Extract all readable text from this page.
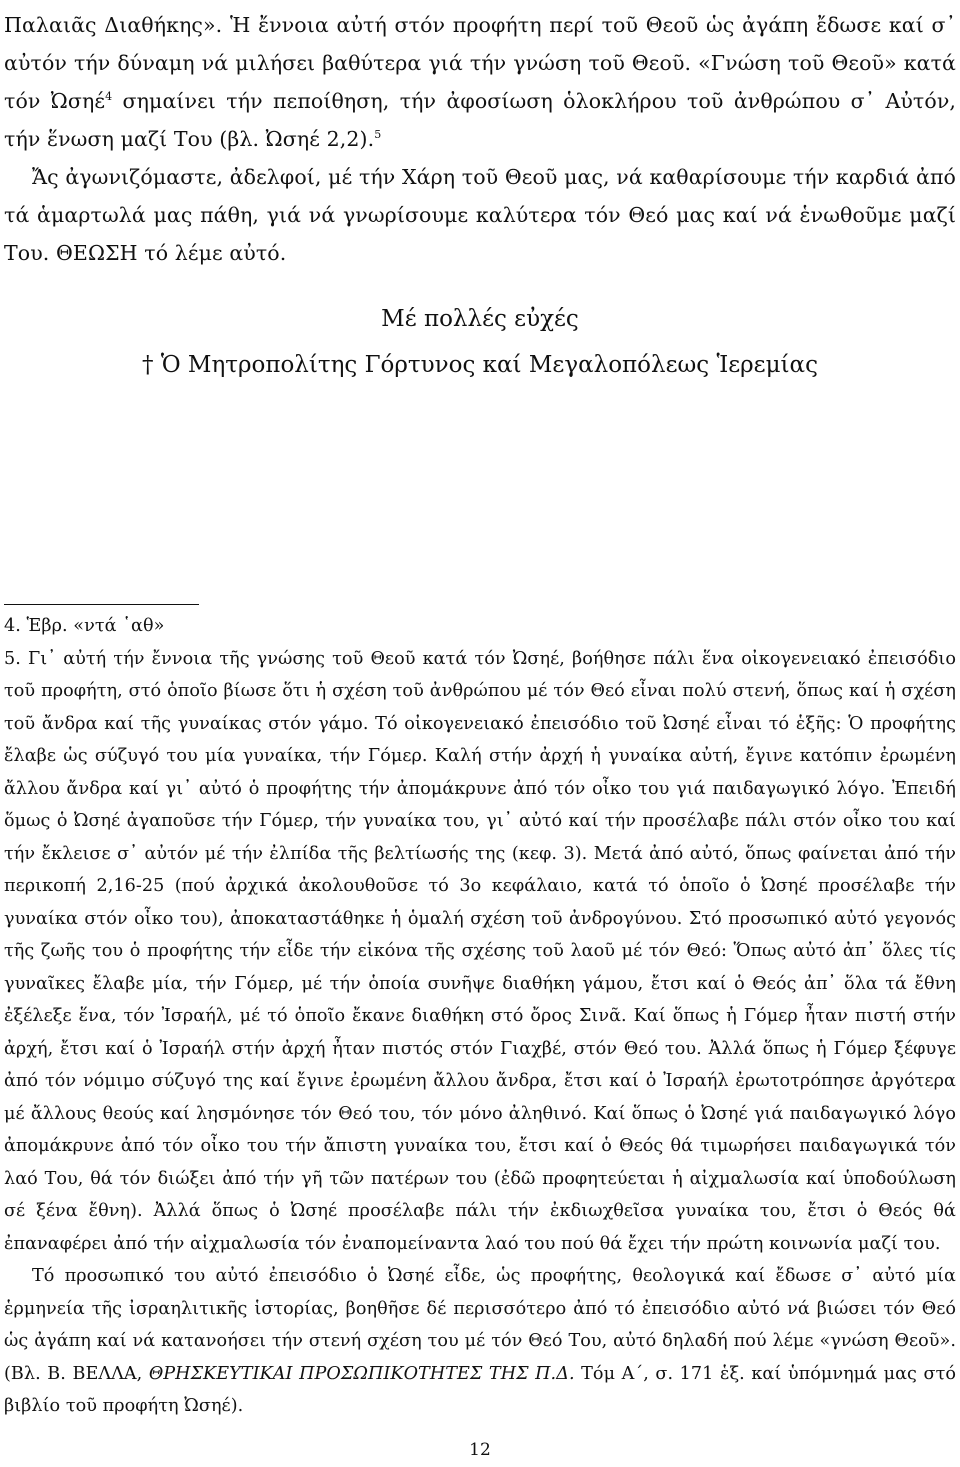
Παλαιᾶς Διαθήκης». Ἡ ἔννοια αὐτή στόν προφήτη περί τοῦ Θεοῦ ὡς ἀγάπη ἔδωσε καί σ᾿ αὐτόν τήν δύναμη νά μιλήσει βαθύτερα γιά τήν γνώση τοῦ Θεοῦ. «Γνώση τοῦ Θεοῦ» κατά τόν Ὠσηέ$^4$ σημαίνει τήν πεποίθηση, τήν ἀφοσίωση ὁλοκλήρου τοῦ ἀνθρώπου σ᾿ Αὐτόν, τήν ἕνωση μαζί Του (βλ. Ὠσηέ 2,2).$^5$

Ἄς ἀγωνιζόμαστε, ἀδελφοί, μέ τήν Χάρη τοῦ Θεοῦ μας, νά καθαρίσουμε τήν καρδιά ἀπό τά ἁμαρτωλά μας πάθη, γιά νά γνωρίσουμε καλύτερα τόν Θεό μας καί νά ἑνωθοῦμε μαζί Του. ΘΕΩΣΗ τό λέμε αὐτό.

Μέ πολλές εὐχές
† Ὁ Μητροπολίτης Γόρτυνος καί Μεγαλοπόλεως Ἱερεμίας

4. Ἑβρ. «ντά ῾αθ»

5. Γι᾿ αὐτή τήν ἔννοια τῆς γνώσης τοῦ Θεοῦ κατά τόν Ὠσηέ, βοήθησε πάλι ἕνα οἰκογενειακό ἐπεισόδιο τοῦ προφήτη, στό ὁποῖο βίωσε ὅτι ἡ σχέση τοῦ ἀνθρώπου μέ τόν Θεό εἶναι πολύ στενή, ὅπως καί ἡ σχέση τοῦ ἄνδρα καί τῆς γυναίκας στόν γάμο. Τό οἰκογενειακό ἐπεισόδιο τοῦ Ὠσηέ εἶναι τό ἑξῆς: Ὁ προφήτης ἔλαβε ὡς σύζυγό του μία γυναίκα, τήν Γόμερ. Καλή στήν ἀρχή ἡ γυναίκα αὐτή, ἔγινε κατόπιν ἐρωμένη ἄλλου ἄνδρα καί γι᾿ αὐτό ὁ προφήτης τήν ἀπομάκρυνε ἀπό τόν οἶκο του γιά παιδαγωγικό λόγο. Ἐπειδή ὅμως ὁ Ὠσηέ ἀγαποῦσε τήν Γόμερ, τήν γυναίκα του, γι᾿ αὐτό καί τήν προσέλαβε πάλι στόν οἶκο του καί τήν ἔκλεισε σ᾿ αὐτόν μέ τήν ἐλπίδα τῆς βελτίωσής της (κεφ. 3). Μετά ἀπό αὐτό, ὅπως φαίνεται ἀπό τήν περικοπή 2,16-25 (πού ἀρχικά ἀκολουθοῦσε τό 3ο κεφάλαιο, κατά τό ὁποῖο ὁ Ὠσηέ προσέλαβε τήν γυναίκα στόν οἶκο του), ἀποκαταστάθηκε ἡ ὁμαλή σχέση τοῦ ἀνδρογύνου. Στό προσωπικό αὐτό γεγονός τῆς ζωῆς του ὁ προφήτης τήν εἶδε τήν εἰκόνα τῆς σχέσης τοῦ λαοῦ μέ τόν Θεό: Ὅπως αὐτό ἀπ᾿ ὅλες τίς γυναῖκες ἔλαβε μία, τήν Γόμερ, μέ τήν ὁποία συνῆψε διαθήκη γάμου, ἔτσι καί ὁ Θεός ἀπ᾿ ὅλα τά ἔθνη ἐξέλεξε ἕνα, τόν Ἰσραήλ, μέ τό ὁποῖο ἔκανε διαθήκη στό ὄρος Σινᾶ. Καί ὅπως ἡ Γόμερ ἦταν πιστή στήν ἀρχή, ἔτσι καί ὁ Ἰσραήλ στήν ἀρχή ἦταν πιστός στόν Γιαχβέ, στόν Θεό του. Ἀλλά ὅπως ἡ Γόμερ ξέφυγε ἀπό τόν νόμιμο σύζυγό της καί ἔγινε ἐρωμένη ἄλλου ἄνδρα, ἔτσι καί ὁ Ἰσραήλ ἐρωτοτρόπησε ἀργότερα μέ ἄλλους θεούς καί λησμόνησε τόν Θεό του, τόν μόνο ἀληθινό. Καί ὅπως ὁ Ὠσηέ γιά παιδαγωγικό λόγο ἀπομάκρυνε ἀπό τόν οἶκο του τήν ἄπιστη γυναίκα του, ἔτσι καί ὁ Θεός θά τιμωρήσει παιδαγωγικά τόν λαό Του, θά τόν διώξει ἀπό τήν γῆ τῶν πατέρων του (ἐδῶ προφητεύεται ἡ αἰχμαλωσία καί ὑποδούλωση σέ ξένα ἔθνη). Ἀλλά ὅπως ὁ Ὠσηέ προσέλαβε πάλι τήν ἐκδιωχθεῖσα γυναίκα του, ἔτσι ὁ Θεός θά ἐπαναφέρει ἀπό τήν αἰχμαλωσία τόν ἐναπομείναντα λαό του πού θά ἔχει τήν πρώτη κοινωνία μαζί του.

Τό προσωπικό του αὐτό ἐπεισόδιο ὁ Ὠσηέ εἶδε, ὡς προφήτης, θεολογικά καί ἔδωσε σ᾿ αὐτό μία ἑρμηνεία τῆς ἰσραηλιτικῆς ἱστορίας, βοηθῆσε δέ περισσότερο ἀπό τό ἐπεισόδιο αὐτό νά βιώσει τόν Θεό ὡς ἀγάπη καί νά κατανοήσει τήν στενή σχέση του μέ τόν Θεό Του, αὐτό δηλαδή πού λέμε «γνώση Θεοῦ». (Βλ. Β. ΒΕΛΛΑ, ΘΡΗΣΚΕΥΤΙΚΑΙ ΠΡΟΣΩΠΙΚΟΤΗΤΕΣ ΤΗΣ Π.Δ. Τόμ Α΄, σ. 171 ἑξ. καί ὑπόμνημά μας στό βιβλίο τοῦ προφήτη Ὠσηέ).

12
